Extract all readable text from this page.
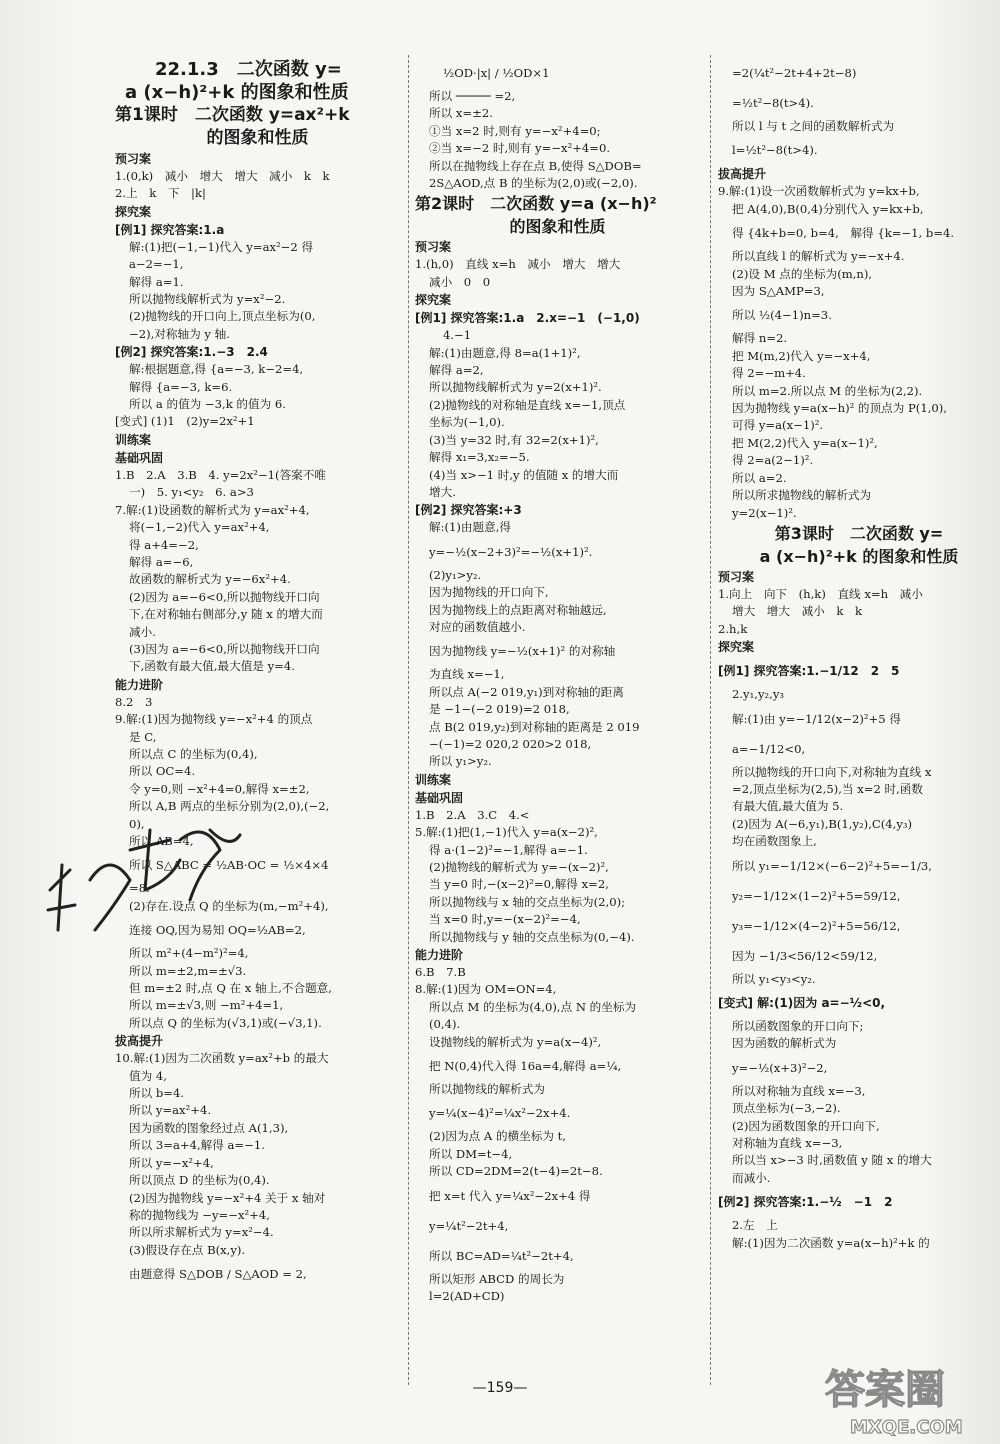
22.1.3　二次函数 y=
a (x−h)²+k 的图象和性质
第1课时　二次函数 y=ax²+k
的图象和性质
预习案
1.(0,k)　减小　增大　增大　减小　k　k
2.上　k　下　|k|
探究案
[例1] 探究答案:1.a
解:(1)把(−1,−1)代入 y=ax²−2 得
a−2=−1,
解得 a=1.
所以抛物线解析式为 y=x²−2.
(2)抛物线的开口向上,顶点坐标为(0,
−2),对称轴为 y 轴.
[例2] 探究答案:1.−3　2.4
解:根据题意,得 {a=−3, k−2=4,
解得 {a=−3, k=6.
所以 a 的值为 −3,k 的值为 6.
[变式] (1)1　(2)y=2x²+1
训练案
基础巩固
1.B　2.A　3.B　4. y=2x²−1(答案不唯
一)　5. y₁<y₂　6. a>3
7.解:(1)设函数的解析式为 y=ax²+4,
将(−1,−2)代入 y=ax²+4,
得 a+4=−2,
解得 a=−6,
故函数的解析式为 y=−6x²+4.
(2)因为 a=−6<0,所以抛物线开口向
下,在对称轴右侧部分,y 随 x 的增大而
减小.
(3)因为 a=−6<0,所以抛物线开口向
下,函数有最大值,最大值是 y=4.
能力进阶
8.2　3
9.解:(1)因为抛物线 y=−x²+4 的顶点
是 C,
所以点 C 的坐标为(0,4),
所以 OC=4.
令 y=0,则 −x²+4=0,解得 x=±2,
所以 A,B 两点的坐标分别为(2,0),(−2,
0),
所以 AB=4,
所以 S△ABC = ½AB·OC = ½×4×4
=8.
(2)存在.设点 Q 的坐标为(m,−m²+4),
连接 OQ,因为易知 OQ=½AB=2,
所以 m²+(4−m²)²=4,
所以 m=±2,m=±√3.
但 m=±2 时,点 Q 在 x 轴上,不合题意,
所以 m=±√3,则 −m²+4=1,
所以点 Q 的坐标为(√3,1)或(−√3,1).
拔高提升
10.解:(1)因为二次函数 y=ax²+b 的最大
值为 4,
所以 b=4.
所以 y=ax²+4.
因为函数的图象经过点 A(1,3),
所以 3=a+4,解得 a=−1.
所以 y=−x²+4,
所以顶点 D 的坐标为(0,4).
(2)因为抛物线 y=−x²+4 关于 x 轴对
称的抛物线为 −y=−x²+4,
所以所求解析式为 y=x²−4.
(3)假设存在点 B(x,y).
由题意得 S△DOB / S△AOD = 2,
½OD·|x| / ½OD×1
所以 ───── =2,
所以 x=±2.
①当 x=2 时,则有 y=−x²+4=0;
②当 x=−2 时,则有 y=−x²+4=0.
所以在抛物线上存在点 B,使得 S△DOB=
2S△AOD,点 B 的坐标为(2,0)或(−2,0).
第2课时　二次函数 y=a (x−h)²
的图象和性质
预习案
1.(h,0)　直线 x=h　减小　增大　增大
减小　0　0
探究案
[例1] 探究答案:1.a　2.x=−1　(−1,0)
4.−1
解:(1)由题意,得 8=a(1+1)²,
解得 a=2,
所以抛物线解析式为 y=2(x+1)².
(2)抛物线的对称轴是直线 x=−1,顶点
坐标为(−1,0).
(3)当 y=32 时,有 32=2(x+1)²,
解得 x₁=3,x₂=−5.
(4)当 x>−1 时,y 的值随 x 的增大而
增大.
[例2] 探究答案:+3
解:(1)由题意,得
y=−½(x−2+3)²=−½(x+1)².
(2)y₁>y₂.
因为抛物线的开口向下,
因为抛物线上的点距离对称轴越远,
对应的函数值越小.
因为抛物线 y=−½(x+1)² 的对称轴
为直线 x=−1,
所以点 A(−2 019,y₁)到对称轴的距离
是 −1−(−2 019)=2 018,
点 B(2 019,y₂)到对称轴的距离是 2 019
−(−1)=2 020,2 020>2 018,
所以 y₁>y₂.
训练案
基础巩固
1.B　2.A　3.C　4.<
5.解:(1)把(1,−1)代入 y=a(x−2)²,
得 a·(1−2)²=−1,解得 a=−1.
(2)抛物线的解析式为 y=−(x−2)²,
当 y=0 时,−(x−2)²=0,解得 x=2,
所以抛物线与 x 轴的交点坐标为(2,0);
当 x=0 时,y=−(x−2)²=−4,
所以抛物线与 y 轴的交点坐标为(0,−4).
能力进阶
6.B　7.B
8.解:(1)因为 OM=ON=4,
所以点 M 的坐标为(4,0),点 N 的坐标为
(0,4).
设抛物线的解析式为 y=a(x−4)²,
把 N(0,4)代入得 16a=4,解得 a=¼,
所以抛物线的解析式为
y=¼(x−4)²=¼x²−2x+4.
(2)因为点 A 的横坐标为 t,
所以 DM=t−4,
所以 CD=2DM=2(t−4)=2t−8.
把 x=t 代入 y=¼x²−2x+4 得
y=¼t²−2t+4,
所以 BC=AD=¼t²−2t+4,
所以矩形 ABCD 的周长为
l=2(AD+CD)
=2(¼t²−2t+4+2t−8)
=½t²−8(t>4).
所以 l 与 t 之间的函数解析式为
l=½t²−8(t>4).
拔高提升
9.解:(1)设一次函数解析式为 y=kx+b,
把 A(4,0),B(0,4)分别代入 y=kx+b,
得 {4k+b=0, b=4,　解得 {k=−1, b=4.
所以直线 l 的解析式为 y=−x+4.
(2)设 M 点的坐标为(m,n),
因为 S△AMP=3,
所以 ½(4−1)n=3.
解得 n=2.
把 M(m,2)代入 y=−x+4,
得 2=−m+4.
所以 m=2.所以点 M 的坐标为(2,2).
因为抛物线 y=a(x−h)² 的顶点为 P(1,0),
可得 y=a(x−1)².
把 M(2,2)代入 y=a(x−1)²,
得 2=a(2−1)².
所以 a=2.
所以所求抛物线的解析式为
y=2(x−1)².
第3课时　二次函数 y=
a (x−h)²+k 的图象和性质
预习案
1.向上　向下　(h,k)　直线 x=h　减小
增大　增大　减小　k　k
2.h,k
探究案
[例1] 探究答案:1.−1/12　2　5
2.y₁,y₂,y₃
解:(1)由 y=−1/12(x−2)²+5 得
a=−1/12<0,
所以抛物线的开口向下,对称轴为直线 x
=2,顶点坐标为(2,5),当 x=2 时,函数
有最大值,最大值为 5.
(2)因为 A(−6,y₁),B(1,y₂),C(4,y₃)
均在函数图象上,
所以 y₁=−1/12×(−6−2)²+5=−1/3,
y₂=−1/12×(1−2)²+5=59/12,
y₃=−1/12×(4−2)²+5=56/12,
因为 −1/3<56/12<59/12,
所以 y₁<y₃<y₂.
[变式] 解:(1)因为 a=−½<0,
所以函数图象的开口向下;
因为函数的解析式为
y=−½(x+3)²−2,
所以对称轴为直线 x=−3,
顶点坐标为(−3,−2).
(2)因为函数图象的开口向下,
对称轴为直线 x=−3,
所以当 x>−3 时,函数值 y 随 x 的增大
而减小.
[例2] 探究答案:1.−½　−1　2
2.左　上
解:(1)因为二次函数 y=a(x−h)²+k 的
—159—	答案圈
MXQE.COM
